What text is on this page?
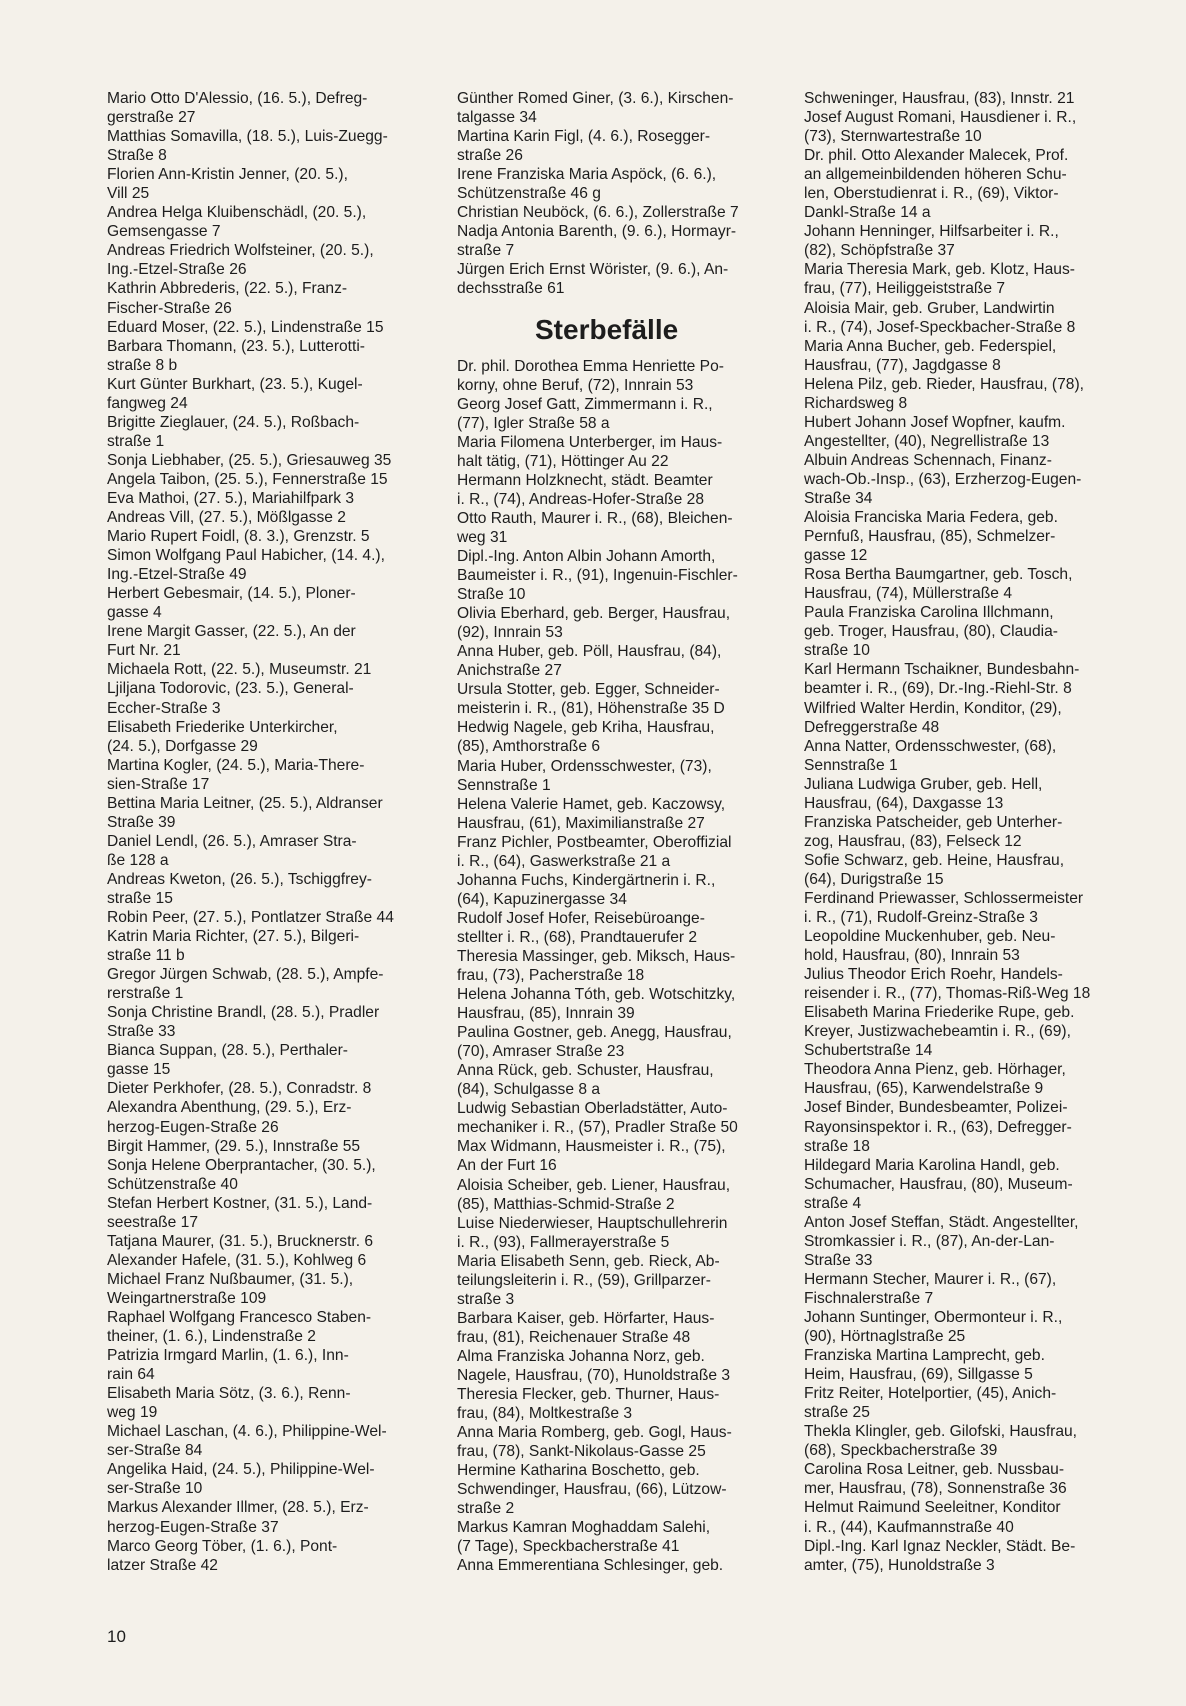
Mario Otto D'Alessio, (16. 5.), Defreg-
gerstraße 27

Matthias Somavilla, (18. 5.), Luis-Zuegg-
Straße 8

Florien Ann-Kristin Jenner, (20. 5.),
Vill 25

Andrea Helga Kluibenschädl, (20. 5.),
Gemsengasse 7

Andreas Friedrich Wolfsteiner, (20. 5.),
Ing.-Etzel-Straße 26

Kathrin Abbrederis, (22. 5.), Franz-
Fischer-Straße 26

Eduard Moser, (22. 5.), Lindenstraße 15

Barbara Thomann, (23. 5.), Lutterotti-
straße 8 b

Kurt Günter Burkhart, (23. 5.), Kugel-
fangweg 24

Brigitte Zieglauer, (24. 5.), Roßbach-
straße 1

Sonja Liebhaber, (25. 5.), Griesauweg 35

Angela Taibon, (25. 5.), Fennerstraße 15

Eva Mathoi, (27. 5.), Mariahilfpark 3

Andreas Vill, (27. 5.), Mößlgasse 2

Mario Rupert Foidl, (8. 3.), Grenzstr. 5

Simon Wolfgang Paul Habicher, (14. 4.),
Ing.-Etzel-Straße 49

Herbert Gebesmair, (14. 5.), Ploner-
gasse 4

Irene Margit Gasser, (22. 5.), An der
Furt Nr. 21

Michaela Rott, (22. 5.), Museumstr. 21

Ljiljana Todorovic, (23. 5.), General-
Eccher-Straße 3

Elisabeth Friederike Unterkircher,
(24. 5.), Dorfgasse 29

Martina Kogler, (24. 5.), Maria-There-
sien-Straße 17

Bettina Maria Leitner, (25. 5.), Aldranser
Straße 39

Daniel Lendl, (26. 5.), Amraser Stra-
ße 128 a

Andreas Kweton, (26. 5.), Tschiggfrey-
straße 15

Robin Peer, (27. 5.), Pontlatzer Straße 44

Katrin Maria Richter, (27. 5.), Bilgeri-
straße 11 b

Gregor Jürgen Schwab, (28. 5.), Ampfe-
rerstraße 1

Sonja Christine Brandl, (28. 5.), Pradler
Straße 33

Bianca Suppan, (28. 5.), Perthaler-
gasse 15

Dieter Perkhofer, (28. 5.), Conradstr. 8

Alexandra Abenthung, (29. 5.), Erz-
herzog-Eugen-Straße 26

Birgit Hammer, (29. 5.), Innstraße 55

Sonja Helene Oberprantacher, (30. 5.),
Schützenstraße 40

Stefan Herbert Kostner, (31. 5.), Land-
seestraße 17

Tatjana Maurer, (31. 5.), Brucknerstr. 6

Alexander Hafele, (31. 5.), Kohlweg 6

Michael Franz Nußbaumer, (31. 5.),
Weingartnerstraße 109

Raphael Wolfgang Francesco Staben-
theiner, (1. 6.), Lindenstraße 2

Patrizia Irmgard Marlin, (1. 6.), Inn-
rain 64

Elisabeth Maria Sötz, (3. 6.), Renn-
weg 19

Michael Laschan, (4. 6.), Philippine-Wel-
ser-Straße 84

Angelika Haid, (24. 5.), Philippine-Wel-
ser-Straße 10

Markus Alexander Illmer, (28. 5.), Erz-
herzog-Eugen-Straße 37

Marco Georg Töber, (1. 6.), Pont-
latzer Straße 42

Günther Romed Giner, (3. 6.), Kirschen-
talgasse 34

Martina Karin Figl, (4. 6.), Rosegger-
straße 26

Irene Franziska Maria Aspöck, (6. 6.),
Schützenstraße 46 g

Christian Neuböck, (6. 6.), Zollerstraße 7

Nadja Antonia Barenth, (9. 6.), Hormayr-
straße 7

Jürgen Erich Ernst Wörister, (9. 6.), An-
dechsstraße 61

Sterbefälle

Dr. phil. Dorothea Emma Henriette Po-
korny, ohne Beruf, (72), Innrain 53

Georg Josef Gatt, Zimmermann i. R.,
(77), Igler Straße 58 a

Maria Filomena Unterberger, im Haus-
halt tätig, (71), Höttinger Au 22

Hermann Holzknecht, städt. Beamter
i. R., (74), Andreas-Hofer-Straße 28

Otto Rauth, Maurer i. R., (68), Bleichen-
weg 31

Dipl.-Ing. Anton Albin Johann Amorth,
Baumeister i. R., (91), Ingenuin-Fischler-
Straße 10

Olivia Eberhard, geb. Berger, Hausfrau,
(92), Innrain 53

Anna Huber, geb. Pöll, Hausfrau, (84),
Anichstraße 27

Ursula Stotter, geb. Egger, Schneider-
meisterin i. R., (81), Höhenstraße 35 D

Hedwig Nagele, geb Kriha, Hausfrau,
(85), Amthorstraße 6

Maria Huber, Ordensschwester, (73),
Sennstraße 1

Helena Valerie Hamet, geb. Kaczowsy,
Hausfrau, (61), Maximilianstraße 27

Franz Pichler, Postbeamter, Oberoffizial
i. R., (64), Gaswerkstraße 21 a

Johanna Fuchs, Kindergärtnerin i. R.,
(64), Kapuzinergasse 34

Rudolf Josef Hofer, Reisebüroange-
stellter i. R., (68), Prandtauerufer 2

Theresia Massinger, geb. Miksch, Haus-
frau, (73), Pacherstraße 18

Helena Johanna Tóth, geb. Wotschitzky,
Hausfrau, (85), Innrain 39

Paulina Gostner, geb. Anegg, Hausfrau,
(70), Amraser Straße 23

Anna Rück, geb. Schuster, Hausfrau,
(84), Schulgasse 8 a

Ludwig Sebastian Oberladstätter, Auto-
mechaniker i. R., (57), Pradler Straße 50

Max Widmann, Hausmeister i. R., (75),
An der Furt 16

Aloisia Scheiber, geb. Liener, Hausfrau,
(85), Matthias-Schmid-Straße 2

Luise Niederwieser, Hauptschullehrerin
i. R., (93), Fallmerayerstraße 5

Maria Elisabeth Senn, geb. Rieck, Ab-
teilungsleiterin i. R., (59), Grillparzer-
straße 3

Barbara Kaiser, geb. Hörfarter, Haus-
frau, (81), Reichenauer Straße 48

Alma Franziska Johanna Norz, geb.
Nagele, Hausfrau, (70), Hunoldstraße 3

Theresia Flecker, geb. Thurner, Haus-
frau, (84), Moltkestraße 3

Anna Maria Romberg, geb. Gogl, Haus-
frau, (78), Sankt-Nikolaus-Gasse 25

Hermine Katharina Boschetto, geb.
Schwendinger, Hausfrau, (66), Lützow-
straße 2

Markus Kamran Moghaddam Salehi,
(7 Tage), Speckbacherstraße 41

Anna Emmerentiana Schlesinger, geb.

Schweninger, Hausfrau, (83), Innstr. 21

Josef August Romani, Hausdiener i. R.,
(73), Sternwartestraße 10

Dr. phil. Otto Alexander Malecek, Prof.
an allgemeinbildenden höheren Schu-
len, Oberstudienrat i. R., (69), Viktor-
Dankl-Straße 14 a

Johann Henninger, Hilfsarbeiter i. R.,
(82), Schöpfstraße 37

Maria Theresia Mark, geb. Klotz, Haus-
frau, (77), Heiliggeiststraße 7

Aloisia Mair, geb. Gruber, Landwirtin
i. R., (74), Josef-Speckbacher-Straße 8

Maria Anna Bucher, geb. Federspiel,
Hausfrau, (77), Jagdgasse 8

Helena Pilz, geb. Rieder, Hausfrau, (78),
Richardsweg 8

Hubert Johann Josef Wopfner, kaufm.
Angestellter, (40), Negrellistraße 13

Albuin Andreas Schennach, Finanz-
wach-Ob.-Insp., (63), Erzherzog-Eugen-
Straße 34

Aloisia Franciska Maria Federa, geb.
Pernfuß, Hausfrau, (85), Schmelzer-
gasse 12

Rosa Bertha Baumgartner, geb. Tosch,
Hausfrau, (74), Müllerstraße 4

Paula Franziska Carolina Illchmann,
geb. Troger, Hausfrau, (80), Claudia-
straße 10

Karl Hermann Tschaikner, Bundesbahn-
beamter i. R., (69), Dr.-Ing.-Riehl-Str. 8

Wilfried Walter Herdin, Konditor, (29),
Defreggerstraße 48

Anna Natter, Ordensschwester, (68),
Sennstraße 1

Juliana Ludwiga Gruber, geb. Hell,
Hausfrau, (64), Daxgasse 13

Franziska Patscheider, geb Unterher-
zog, Hausfrau, (83), Felseck 12

Sofie Schwarz, geb. Heine, Hausfrau,
(64), Durigstraße 15

Ferdinand Priewasser, Schlossermeister
i. R., (71), Rudolf-Greinz-Straße 3

Leopoldine Muckenhuber, geb. Neu-
hold, Hausfrau, (80), Innrain 53

Julius Theodor Erich Roehr, Handels-
reisender i. R., (77), Thomas-Riß-Weg 18

Elisabeth Marina Friederike Rupe, geb.
Kreyer, Justizwachebeamtin i. R., (69),
Schubertstraße 14

Theodora Anna Pienz, geb. Hörhager,
Hausfrau, (65), Karwendelstraße 9

Josef Binder, Bundesbeamter, Polizei-
Rayonsinspektor i. R., (63), Defregger-
straße 18

Hildegard Maria Karolina Handl, geb.
Schumacher, Hausfrau, (80), Museum-
straße 4

Anton Josef Steffan, Städt. Angestellter,
Stromkassier i. R., (87), An-der-Lan-
Straße 33

Hermann Stecher, Maurer i. R., (67),
Fischnalerstraße 7

Johann Suntinger, Obermonteur i. R.,
(90), Hörtnaglstraße 25

Franziska Martina Lamprecht, geb.
Heim, Hausfrau, (69), Sillgasse 5

Fritz Reiter, Hotelportier, (45), Anich-
straße 25

Thekla Klingler, geb. Gilofski, Hausfrau,
(68), Speckbacherstraße 39

Carolina Rosa Leitner, geb. Nussbau-
mer, Hausfrau, (78), Sonnenstraße 36

Helmut Raimund Seeleitner, Konditor
i. R., (44), Kaufmannstraße 40

Dipl.-Ing. Karl Ignaz Neckler, Städt. Be-
amter, (75), Hunoldstraße 3

10
